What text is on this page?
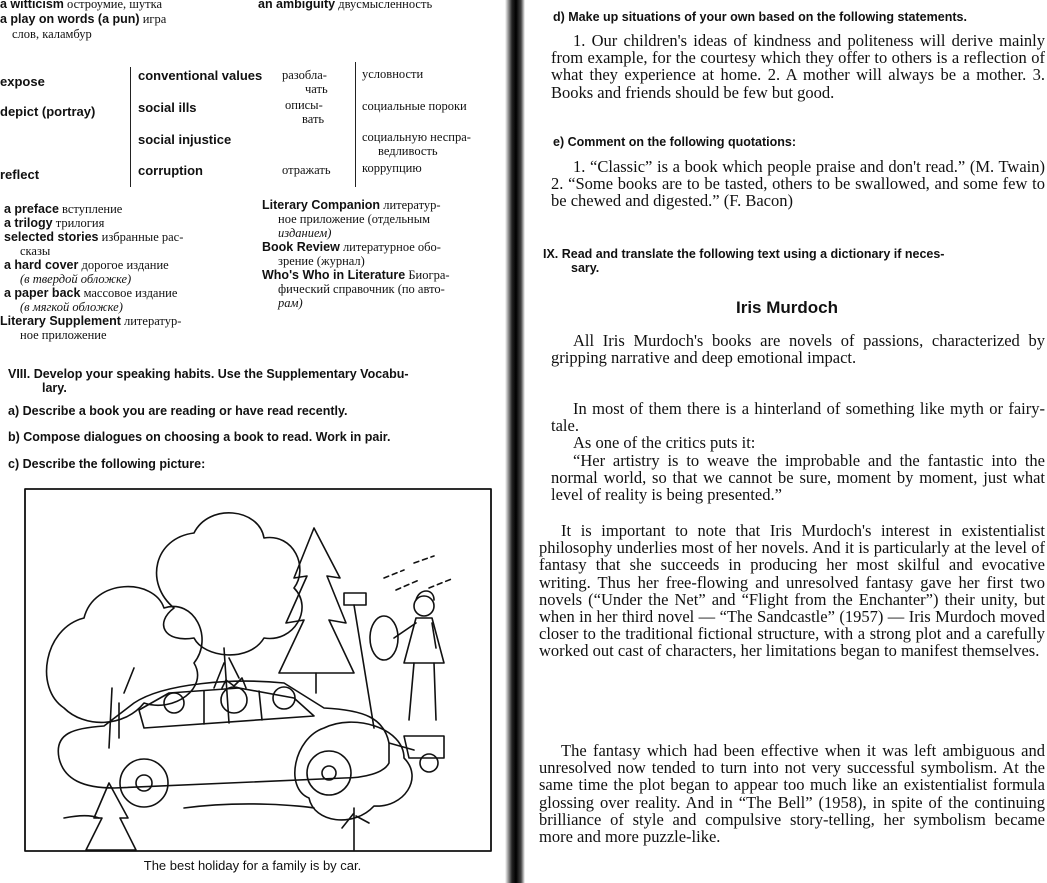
a witticism остроумие, шутка
a play on words (a pun) игра
слов, каламбур
an ambiguity двусмысленность
expose
depict (portray)
reflect
conventional values
social ills
social injustice
corruption
разобла-
чать
описы-
вать
отражать
условности
социальные пороки
социальную неспра-
ведливость
коррупцию
a preface вступление
a trilogy трилогия
selected stories избранные рас-
сказы
a hard cover дорогое издание
(в твердой обложке)
a paper back массовое издание
(в мягкой обложке)
Literary Supplement литератур-
ное приложение
Literary Companion литератур-
ное приложение (отдельным
изданием)
Book Review литературное обо-
зрение (журнал)
Who's Who in Literature Биогра-
фический справочник (по авто-
рам)
VIII. Develop your speaking habits. Use the Supplementary Vocabu-
lary.
a) Describe a book you are reading or have read recently.
b) Compose dialogues on choosing a book to read. Work in pair.
c) Describe the following picture:
The best holiday for a family is by car.
d) Make up situations of your own based on the following statements.
1. Our children's ideas of kindness and politeness will derive mainly from example, for the courtesy which they offer to others is a reflection of what they experience at home. 2. A mother will always be a mother. 3. Books and friends should be few but good.
e) Comment on the following quotations:
1. “Classic” is a book which people praise and don't read.” (M. Twain) 2. “Some books are to be tasted, others to be swallowed, and some few to be chewed and digested.” (F. Bacon)
IX. Read and translate the following text using a dictionary if neces-
sary.
Iris Murdoch
All Iris Murdoch's books are novels of passions, characterized by gripping narrative and deep emotional impact.
In most of them there is a hinterland of something like myth or fairy-tale.
As one of the critics puts it:
“Her artistry is to weave the improbable and the fantastic into the normal world, so that we cannot be sure, moment by moment, just what level of reality is being presented.”
It is important to note that Iris Murdoch's interest in existentialist philosophy underlies most of her novels. And it is particularly at the level of fantasy that she succeeds in producing her most skilful and evocative writing. Thus her free-flowing and unresolved fantasy gave her first two novels (“Under the Net” and “Flight from the Enchanter”) their unity, but when in her third novel — “The Sandcastle” (1957) — Iris Murdoch moved closer to the traditional fictional structure, with a strong plot and a carefully worked out cast of characters, her limitations began to manifest themselves.
The fantasy which had been effective when it was left ambiguous and unresolved now tended to turn into not very successful symbolism. At the same time the plot began to appear too much like an existentialist formula glossing over reality. And in “The Bell” (1958), in spite of the continuing brilliance of style and compulsive story-telling, her symbolism became more and more puzzle-like.
